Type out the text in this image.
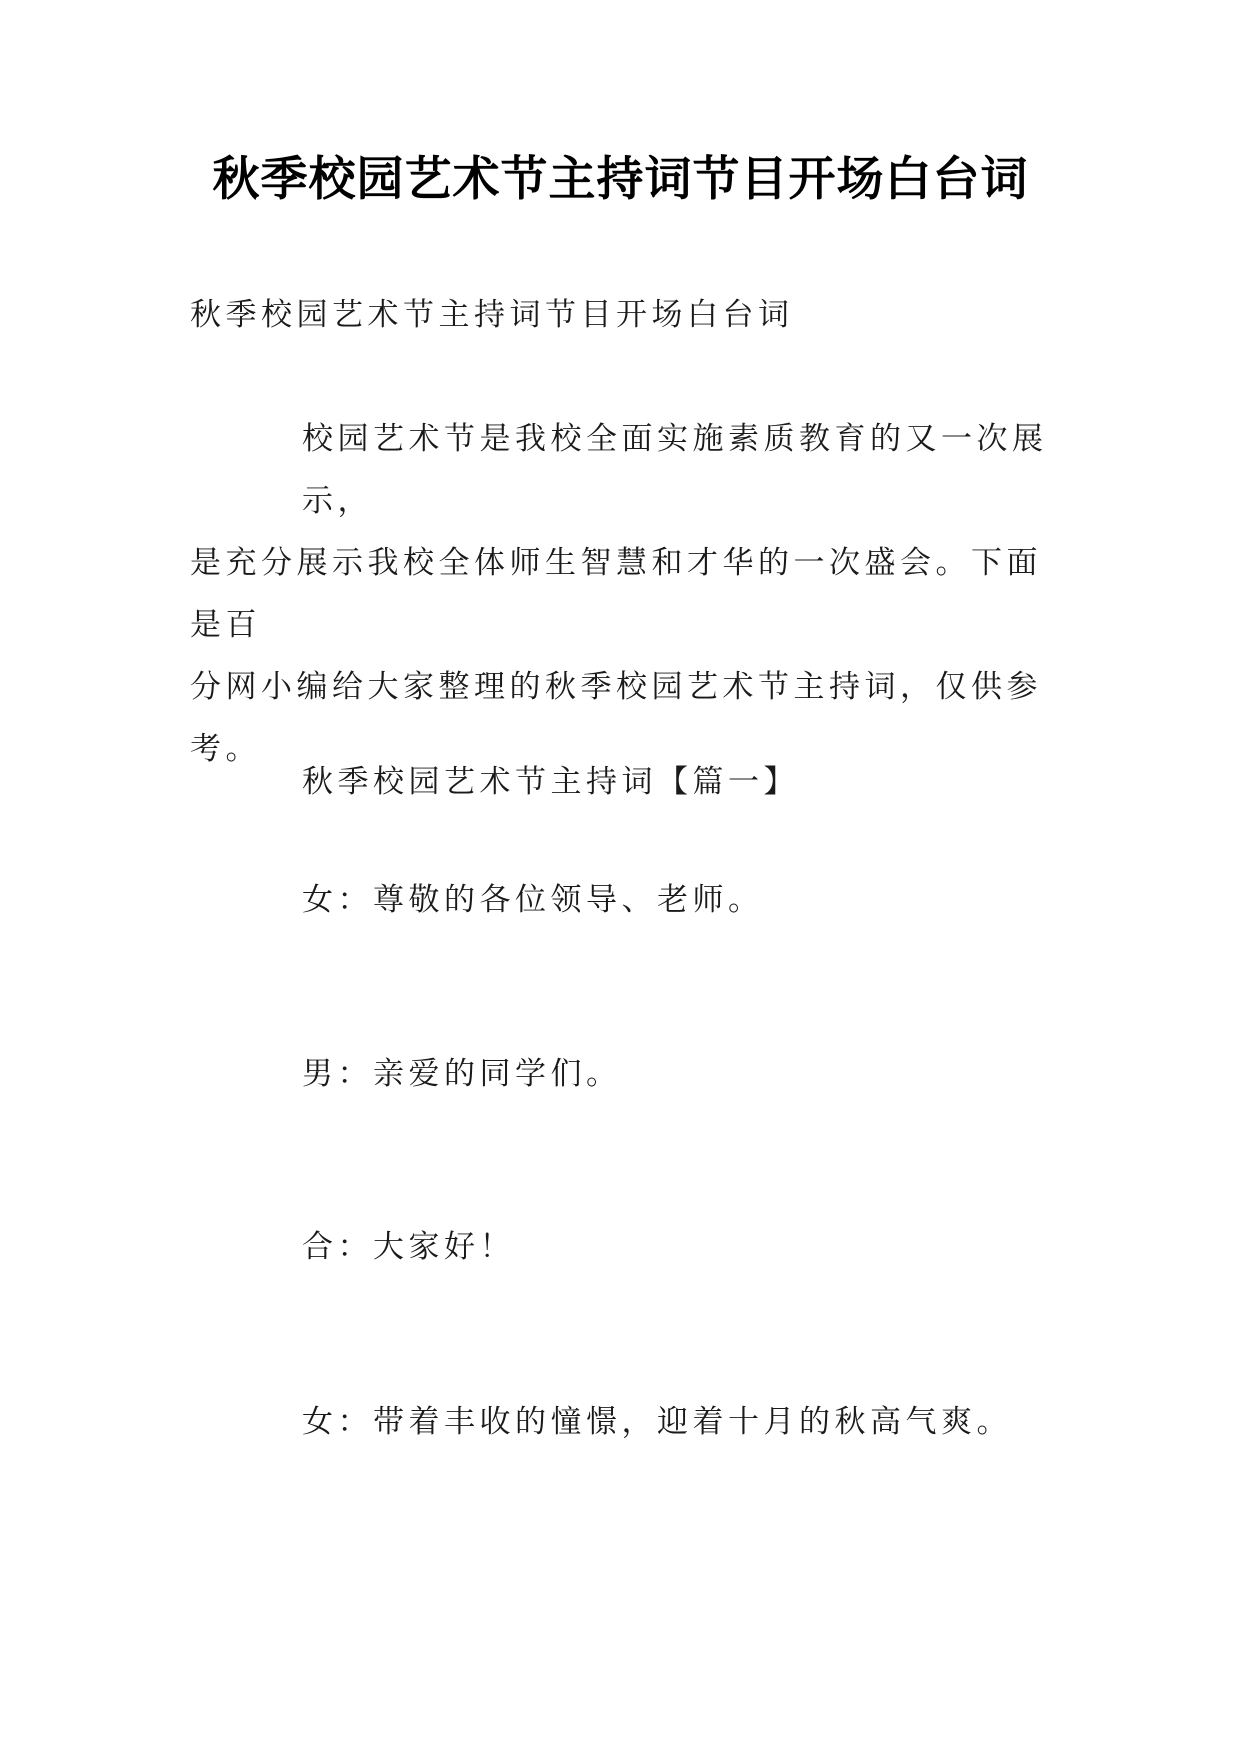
秋季校园艺术节主持词节目开场白台词
秋季校园艺术节主持词节目开场白台词
校园艺术节是我校全面实施素质教育的又一次展示，
是充分展示我校全体师生智慧和才华的一次盛会。下面是百
分网小编给大家整理的秋季校园艺术节主持词，仅供参考。
秋季校园艺术节主持词【篇一】
女：尊敬的各位领导、老师。
男：亲爱的同学们。
合：大家好！
女：带着丰收的憧憬，迎着十月的秋高气爽。
